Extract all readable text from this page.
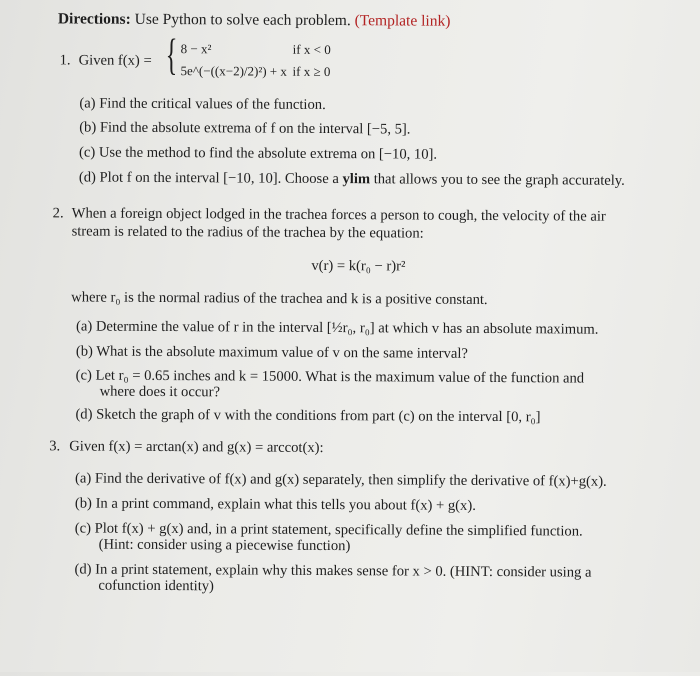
Directions: Use Python to solve each problem. (Template link)
1. Given f(x) = { 8 − x²	if x < 0
5e^(−((x−2)/2)²) + x if x ≥ 0
(a) Find the critical values of the function.
(b) Find the absolute extrema of f on the interval [−5, 5].
(c) Use the method to find the absolute extrema on [−10, 10].
(d) Plot f on the interval [−10, 10]. Choose a ylim that allows you to see the graph accurately.
2. When a foreign object lodged in the trachea forces a person to cough, the velocity of the air
stream is related to the radius of the trachea by the equation:
v(r) = k(r₀ − r)r²
where r₀ is the normal radius of the trachea and k is a positive constant.
(a) Determine the value of r in the interval [½r₀, r₀] at which v has an absolute maximum.
(b) What is the absolute maximum value of v on the same interval?
(c) Let r₀ = 0.65 inches and k = 15000. What is the maximum value of the function and
where does it occur?
(d) Sketch the graph of v with the conditions from part (c) on the interval [0, r₀]
3. Given f(x) = arctan(x) and g(x) = arccot(x):
(a) Find the derivative of f(x) and g(x) separately, then simplify the derivative of f(x)+g(x).
(b) In a print command, explain what this tells you about f(x) + g(x).
(c) Plot f(x) + g(x) and, in a print statement, specifically define the simplified function.
(Hint: consider using a piecewise function)
(d) In a print statement, explain why this makes sense for x > 0. (HINT: consider using a
cofunction identity)
